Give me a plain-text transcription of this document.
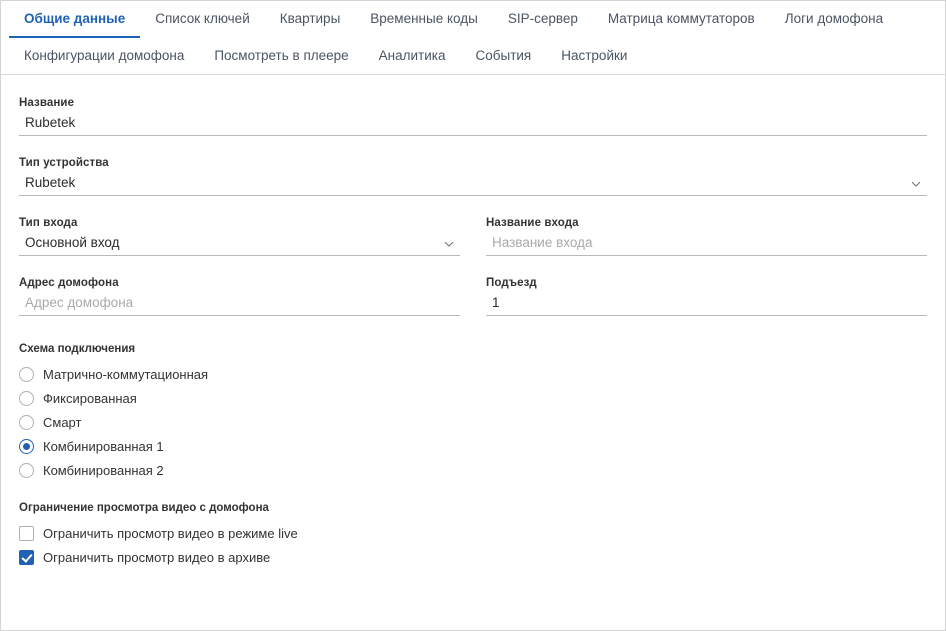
Общие данные Список ключей Квартиры Временные коды SIP-сервер Матрица коммутаторов Логи домофона
Конфигурации домофона Посмотреть в плеере Аналитика События Настройки
Название
Rubetek
Тип устройства
Rubetek
Тип входа
Основной вход
Название входа
Название входа
Адрес домофона
Адрес домофона
Подъезд
1
Схема подключения
Матрично-коммутационная
Фиксированная
Смарт
Комбинированная 1
Комбинированная 2
Ограничение просмотра видео с домофона
Ограничить просмотр видео в режиме live
Ограничить просмотр видео в архиве
